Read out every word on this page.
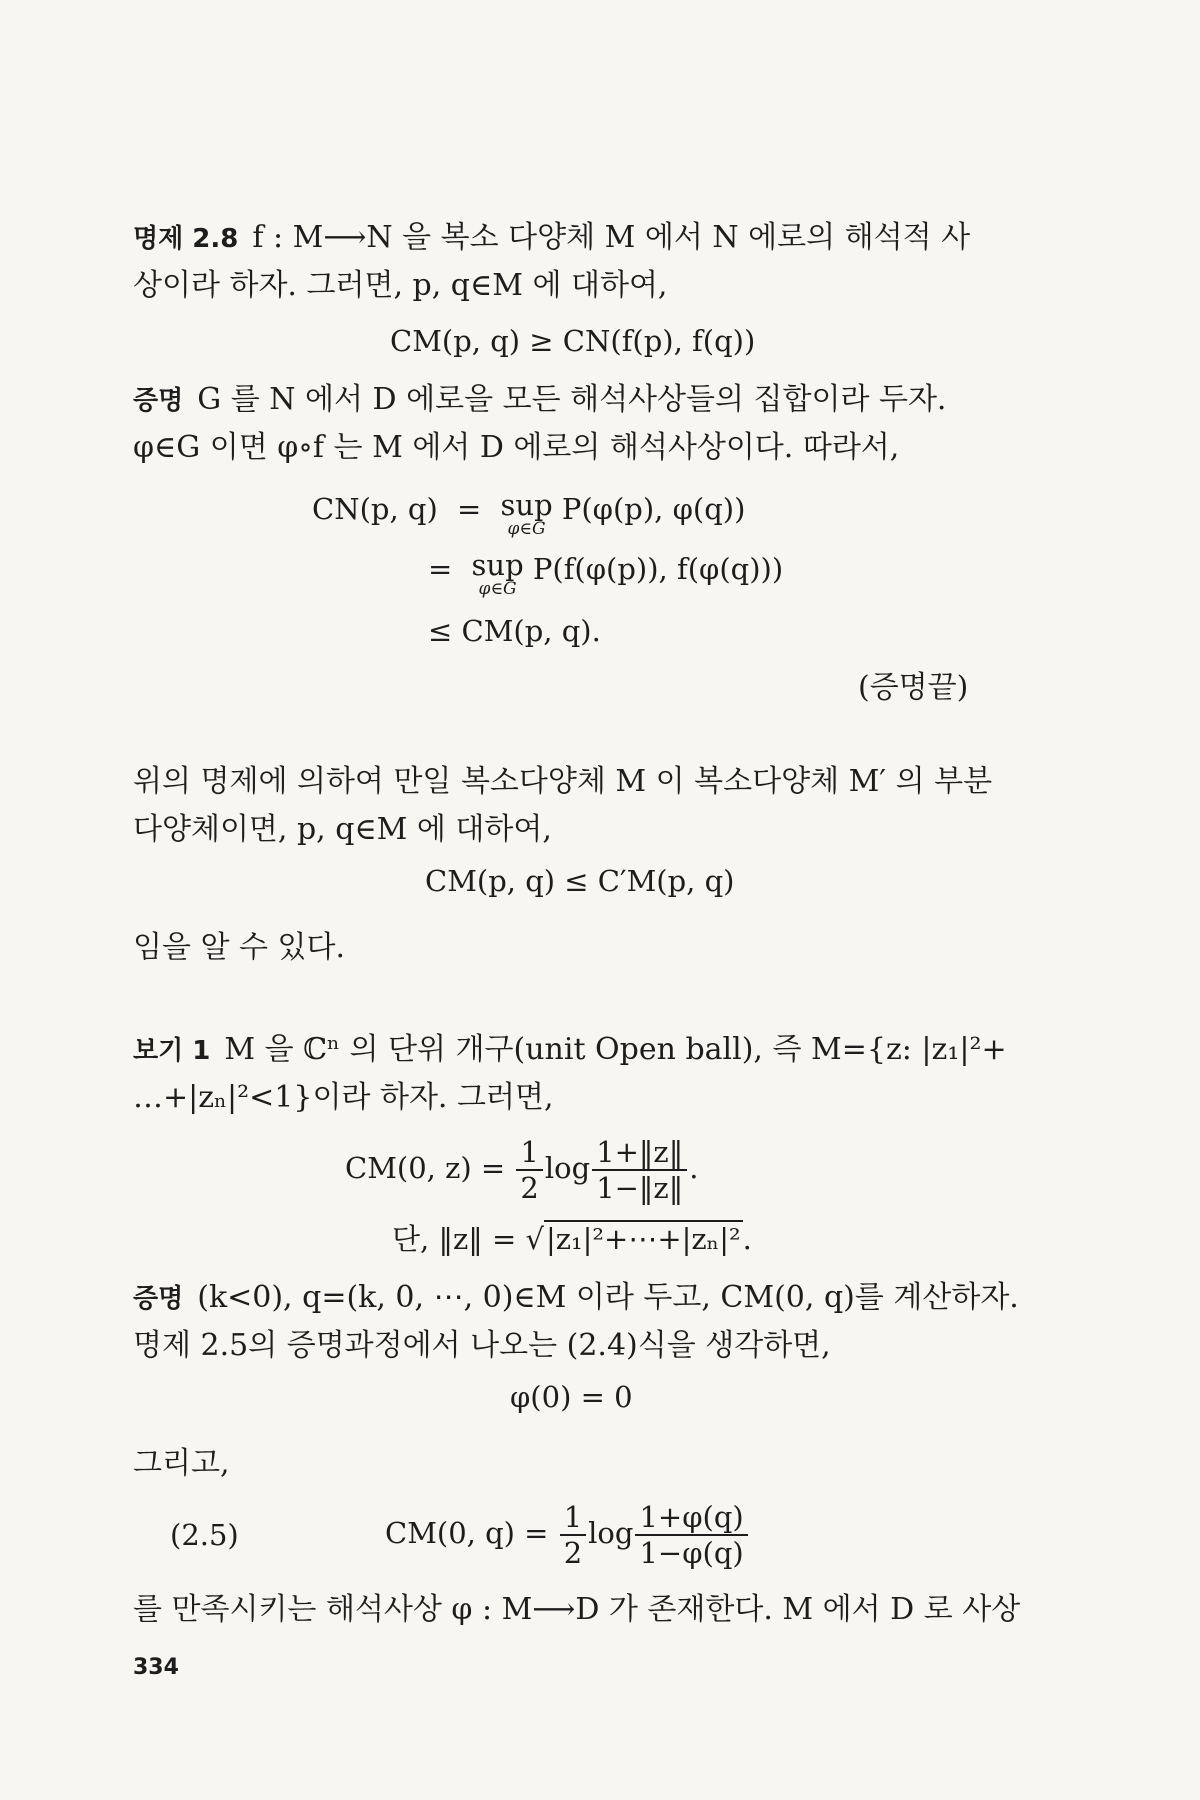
명제 2.8 f : M⟶N 을 복소 다양체 M 에서 N 에로의 해석적 사
상이라 하자. 그러면, p, q∈M 에 대하여,
CM(p, q) ≥ CN(f(p), f(q))
증명 G 를 N 에서 D 에로을 모든 해석사상들의 집합이라 두자.
φ∈G 이면 φ∘f 는 M 에서 D 에로의 해석사상이다. 따라서,
CN(p, q) = sup
φ∈G
P(φ(p), φ(q))
= sup
φ∈G
P(f(φ(p)), f(φ(q)))
≤ CM(p, q).
(증명끝)
위의 명제에 의하여 만일 복소다양체 M 이 복소다양체 M′ 의 부분
다양체이면, p, q∈M 에 대하여,
CM(p, q) ≤ C′M(p, q)
임을 알 수 있다.
보기 1 M 을 ℂⁿ 의 단위 개구(unit Open ball), 즉 M={z: |z₁|²+
…+|zₙ|²<1}이라 하자. 그러면,
CM(0, $z) = \frac{1}{2}$ $\log \frac{1+‖z‖}{1-‖z‖}$ .
단, ‖z‖ = √|z₁|²+⋯+|zₙ|².
증명 (k<0), q=(k, 0, ⋯, 0)∈M 이라 두고, CM(0, q)를 계산하자.
명제 2.5의 증명과정에서 나오는 (2.4)식을 생각하면,
φ(0) = 0
그리고,
(2.5)	CM(0, $q) = \frac{1}{2}$ $\log \frac{1+\varphi(q)}{1-\varphi(q)}$
를 만족시키는 해석사상 φ : M⟶D 가 존재한다. M 에서 D 로 사상
334
